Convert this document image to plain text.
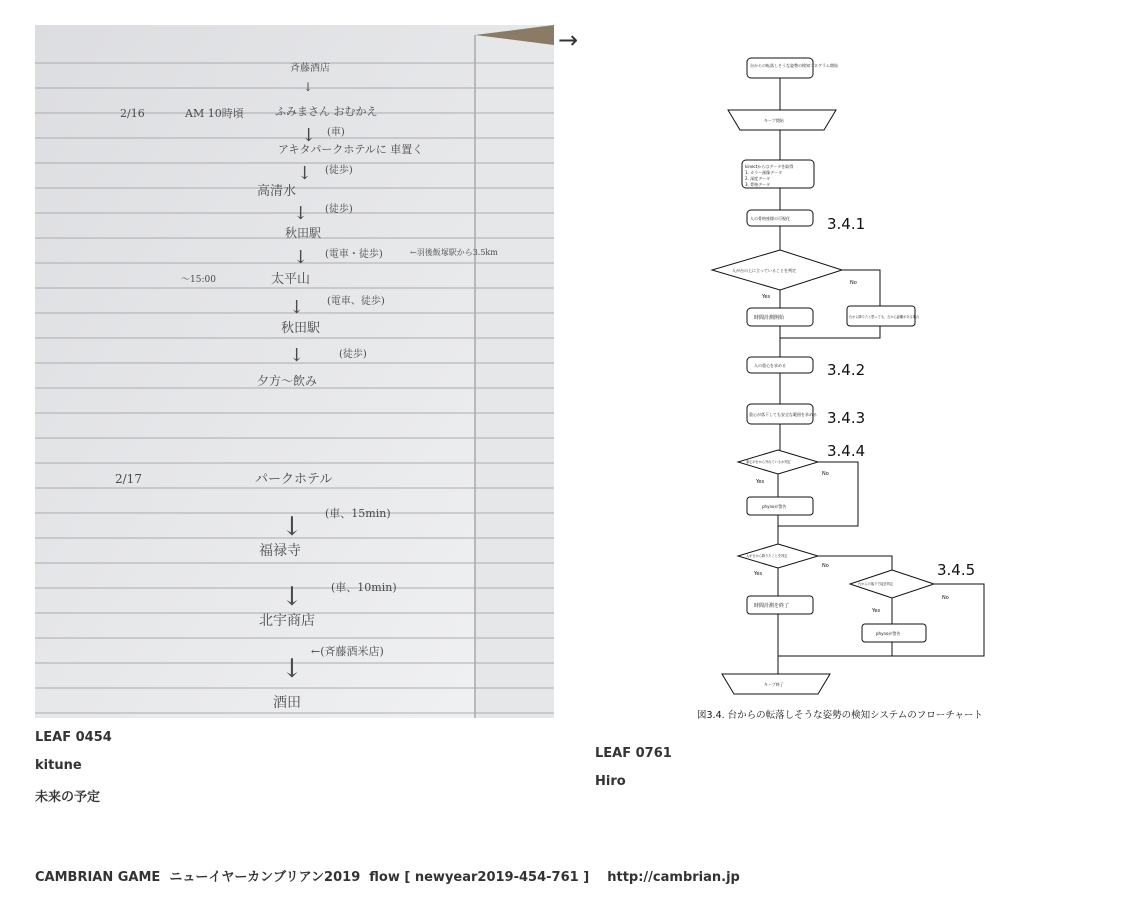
斉藤酒店
↓
2/16	AM 10時頃	ふみまさん おむかえ
↓ (車)
アキタパークホテルに 車置く
↓ (徒歩)
高清水
↓ (徒歩)
秋田駅
↓ (電車・徒歩)	←羽後飯塚駅から3.5km
〜15:00	太平山
↓ (電車、徒歩)
秋田駅
↓	(徒歩)
夕方〜飲み
2/17	パークホテル
↓ (車、15min)
福禄寺
↓	(車、10min)
北宇商店
↓
←(斉藤酒米店)
酒田
→
台からの転落しそうな姿勢の検知プログラム開始
キーブ開始
kinectからはデータを取得
1. カラー画像データ
2. 深度データ
3. 骨格データ
人の骨格座標の可視化
人が台の上に立っていることを判定
時間計測開始	台から降りたと思っても、台から距離がある場合
人の重心を求める
重心が落下しても安全な範囲を求める
重心が台から外れているか判定
phynoが警告
人が台から降りたことを判定
台からの落下で接近判定
時間計測を終了
phynoが警告
キーブ終了
Yes
No
Yes
No
Yes
No
Yes
No
3.4.1
3.4.2
3.4.3
3.4.4
3.4.5
図3.4. 台からの転落しそうな姿勢の検知システムのフローチャート
LEAF 0454
kitune
未来の予定
LEAF 0761
Hiro
CAMBRIAN GAME  ニューイヤーカンブリアン2019  flow [ newyear2019-454-761 ]    http://cambrian.jp
